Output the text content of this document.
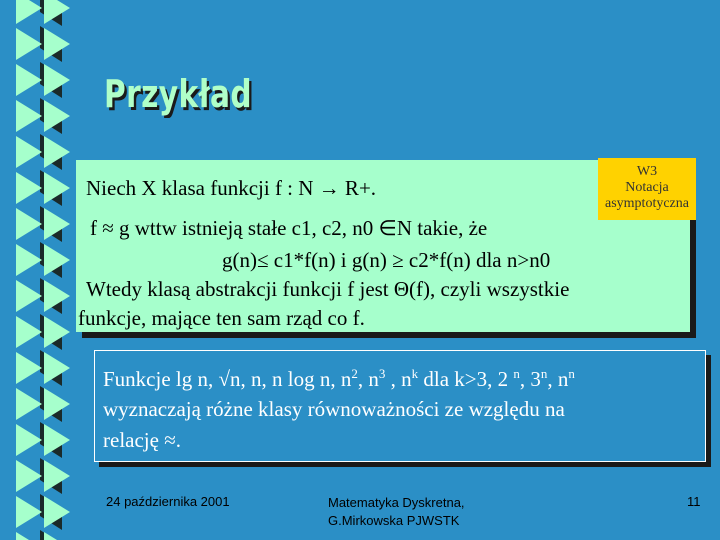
Przykład
Niech X klasa funkcji f : N → R+.
f ≈ g wttw istnieją stałe c1, c2, n0 ∈N takie, że
g(n)≤ c1*f(n) i g(n) ≥ c2*f(n) dla n>n0
Wtedy klasą abstrakcji funkcji f jest Θ(f), czyli wszystkie
funkcje, mające ten sam rząd co f.
W3
Notacja
asymptotyczna
Funkcje lg n, √n, n, n log n, $n^2$, $n^3$ , $n^k$ dla k>3, 2 $^n$, 3$^n$, $n^n$
wyznaczają różne klasy równoważności ze względu na
relację ≈.
24 października 2001	Matematyka Dyskretna,
G.Mirkowska PJWSTK
11
